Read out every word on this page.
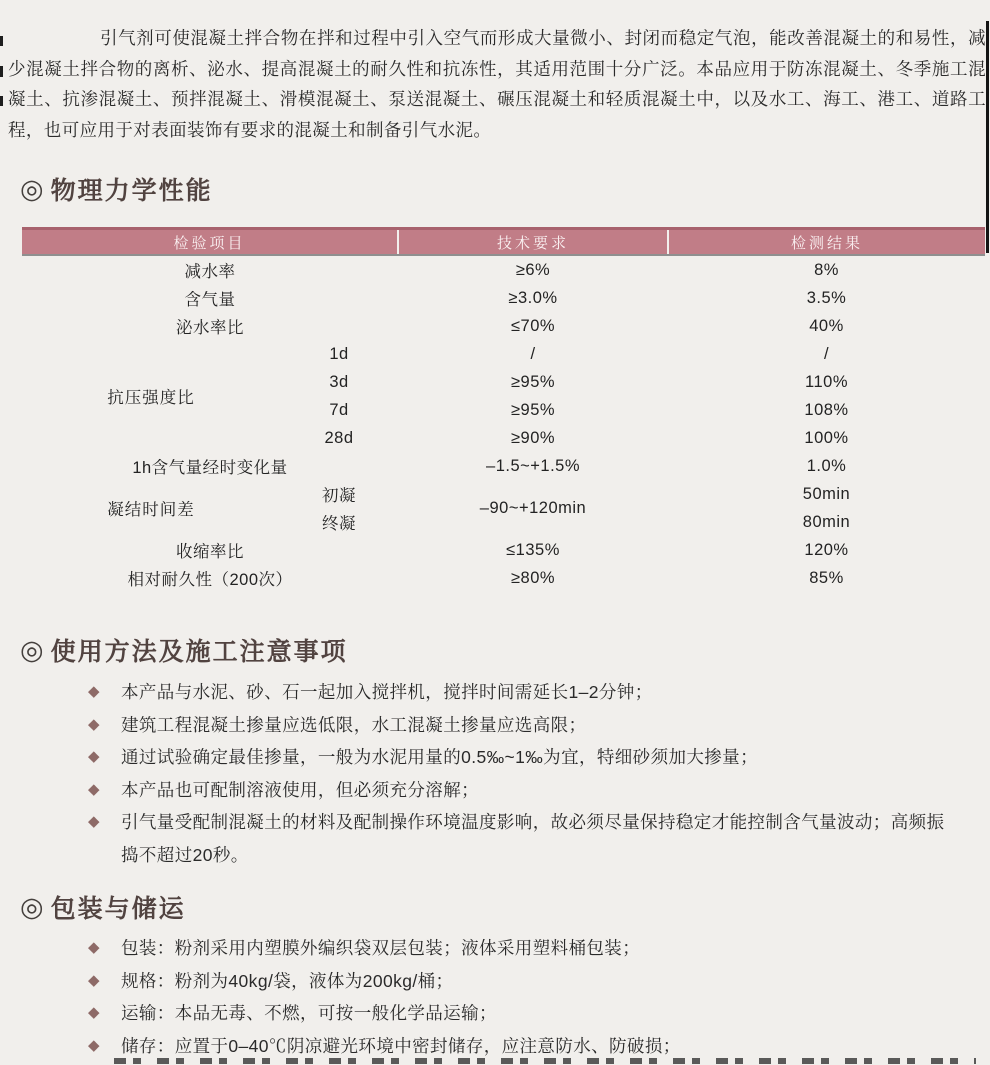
引气剂可使混凝土拌合物在拌和过程中引入空气而形成大量微小、封闭而稳定气泡，能改善混凝土的和易性，减少混凝土拌合物的离析、泌水、提高混凝土的耐久性和抗冻性，其适用范围十分广泛。本品应用于防冻混凝土、冬季施工混凝土、抗渗混凝土、预拌混凝土、滑模混凝土、泵送混凝土、碾压混凝土和轻质混凝土中，以及水工、海工、港工、道路工程，也可应用于对表面装饰有要求的混凝土和制备引气水泥。
◎ 物理力学性能
检验项目		技术要求	检测结果
减水率		≥6%	8%
含气量		≥3.0%	3.5%
泌水率比		≤70%	40%
抗压强度比	1d	/	/
	3d	≥95%	110%
	7d	≥95%	108%
	28d	≥90%	100%
1h含气量经时变化量		–1.5~+1.5%	1.0%
凝结时间差	初凝	–90~+120min	50min
	终凝		80min
收缩率比		≤135%	120%
相对耐久性（200次）		≥80%	85%
◎ 使用方法及施工注意事项
◆ 本产品与水泥、砂、石一起加入搅拌机，搅拌时间需延长1–2分钟；
◆ 建筑工程混凝土掺量应选低限，水工混凝土掺量应选高限；
◆ 通过试验确定最佳掺量，一般为水泥用量的0.5‰~1‰为宜，特细砂须加大掺量；
◆ 本产品也可配制溶液使用，但必须充分溶解；
◆ 引气量受配制混凝土的材料及配制操作环境温度影响，故必须尽量保持稳定才能控制含气量波动；高频振捣不超过20秒。
◎ 包装与储运
◆ 包装：粉剂采用内塑膜外编织袋双层包装；液体采用塑料桶包装；
◆ 规格：粉剂为40kg/袋，液体为200kg/桶；
◆ 运输：本品无毒、不燃，可按一般化学品运输；
◆ 储存：应置于0–40℃阴凉避光环境中密封储存，应注意防水、防破损；
